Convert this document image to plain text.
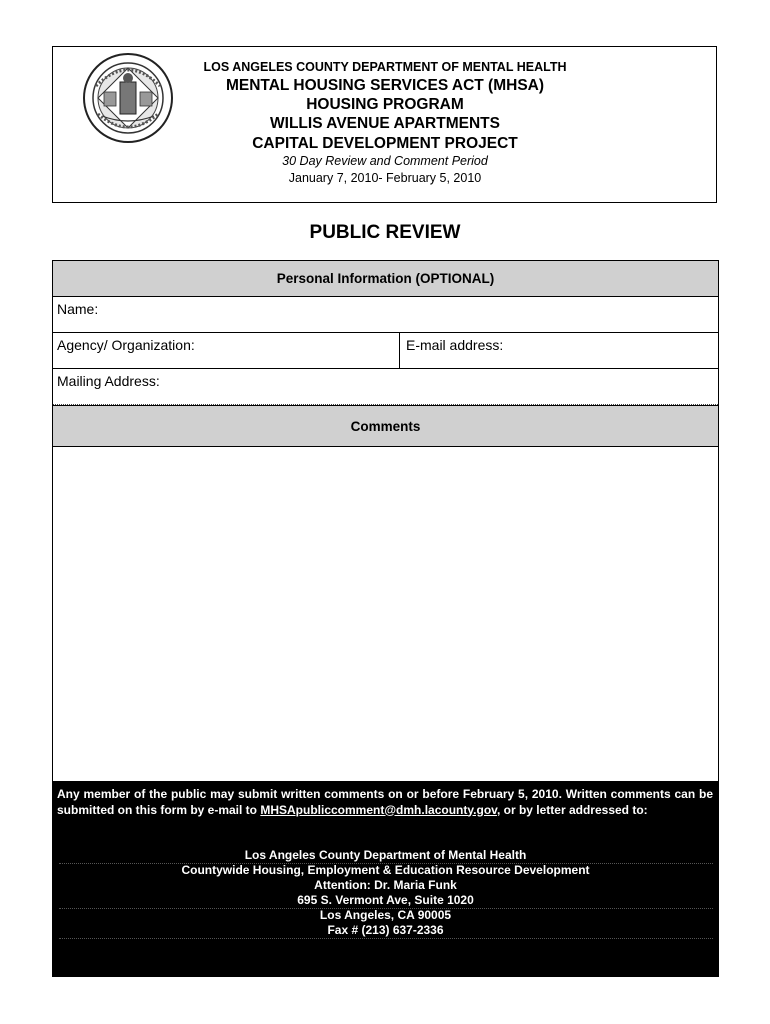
LOS ANGELES COUNTY DEPARTMENT OF MENTAL HEALTH
MENTAL HOUSING SERVICES ACT (MHSA)
HOUSING PROGRAM
WILLIS AVENUE APARTMENTS
CAPITAL DEVELOPMENT PROJECT
30 Day Review and Comment Period
January 7, 2010- February 5, 2010
PUBLIC REVIEW
Personal Information (OPTIONAL)
Name:
Agency/ Organization:	E-mail address:
Mailing Address:
Comments
Any member of the public may submit written comments on or before February 5, 2010. Written comments can be submitted on this form by e-mail to MHSApubliccomment@dmh.lacounty.gov, or by letter addressed to:
Los Angeles County Department of Mental Health
Countywide Housing, Employment & Education Resource Development
Attention: Dr. Maria Funk
695 S. Vermont Ave, Suite 1020
Los Angeles, CA 90005
Fax # (213) 637-2336
